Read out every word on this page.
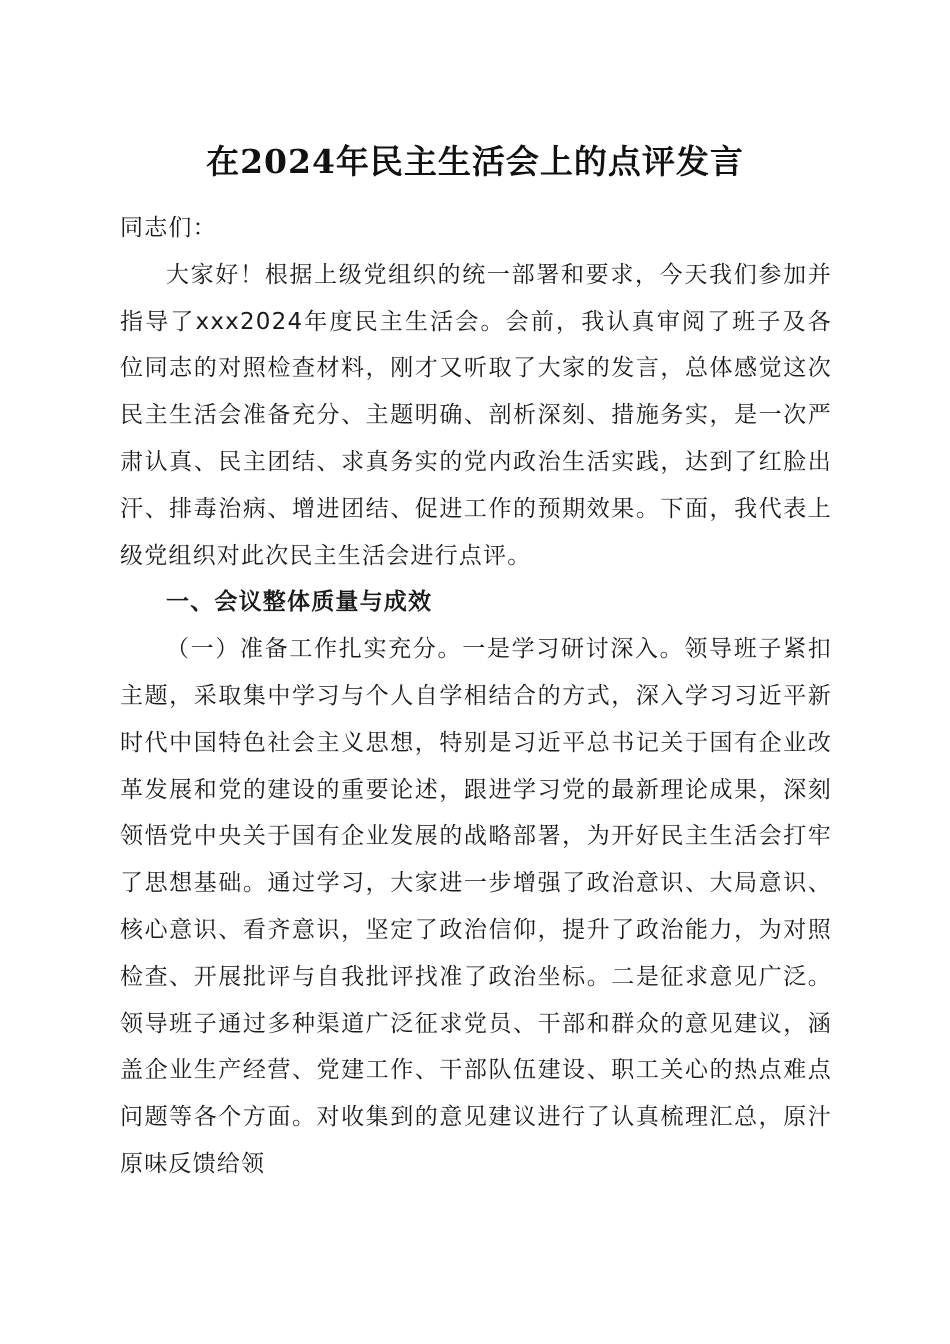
在2024年民主生活会上的点评发言

同志们：

大家好！根据上级党组织的统一部署和要求，今天我们参加并指导了xxx2024年度民主生活会。会前，我认真审阅了班子及各位同志的对照检查材料，刚才又听取了大家的发言，总体感觉这次民主生活会准备充分、主题明确、剖析深刻、措施务实，是一次严肃认真、民主团结、求真务实的党内政治生活实践，达到了红脸出汗、排毒治病、增进团结、促进工作的预期效果。下面，我代表上级党组织对此次民主生活会进行点评。

一、会议整体质量与成效

（一）准备工作扎实充分。一是学习研讨深入。领导班子紧扣主题，采取集中学习与个人自学相结合的方式，深入学习习近平新时代中国特色社会主义思想，特别是习近平总书记关于国有企业改革发展和党的建设的重要论述，跟进学习党的最新理论成果，深刻领悟党中央关于国有企业发展的战略部署，为开好民主生活会打牢了思想基础。通过学习，大家进一步增强了政治意识、大局意识、核心意识、看齐意识，坚定了政治信仰，提升了政治能力，为对照检查、开展批评与自我批评找准了政治坐标。二是征求意见广泛。领导班子通过多种渠道广泛征求党员、干部和群众的意见建议，涵盖企业生产经营、党建工作、干部队伍建设、职工关心的热点难点问题等各个方面。对收集到的意见建议进行了认真梳理汇总，原汁原味反馈给领
